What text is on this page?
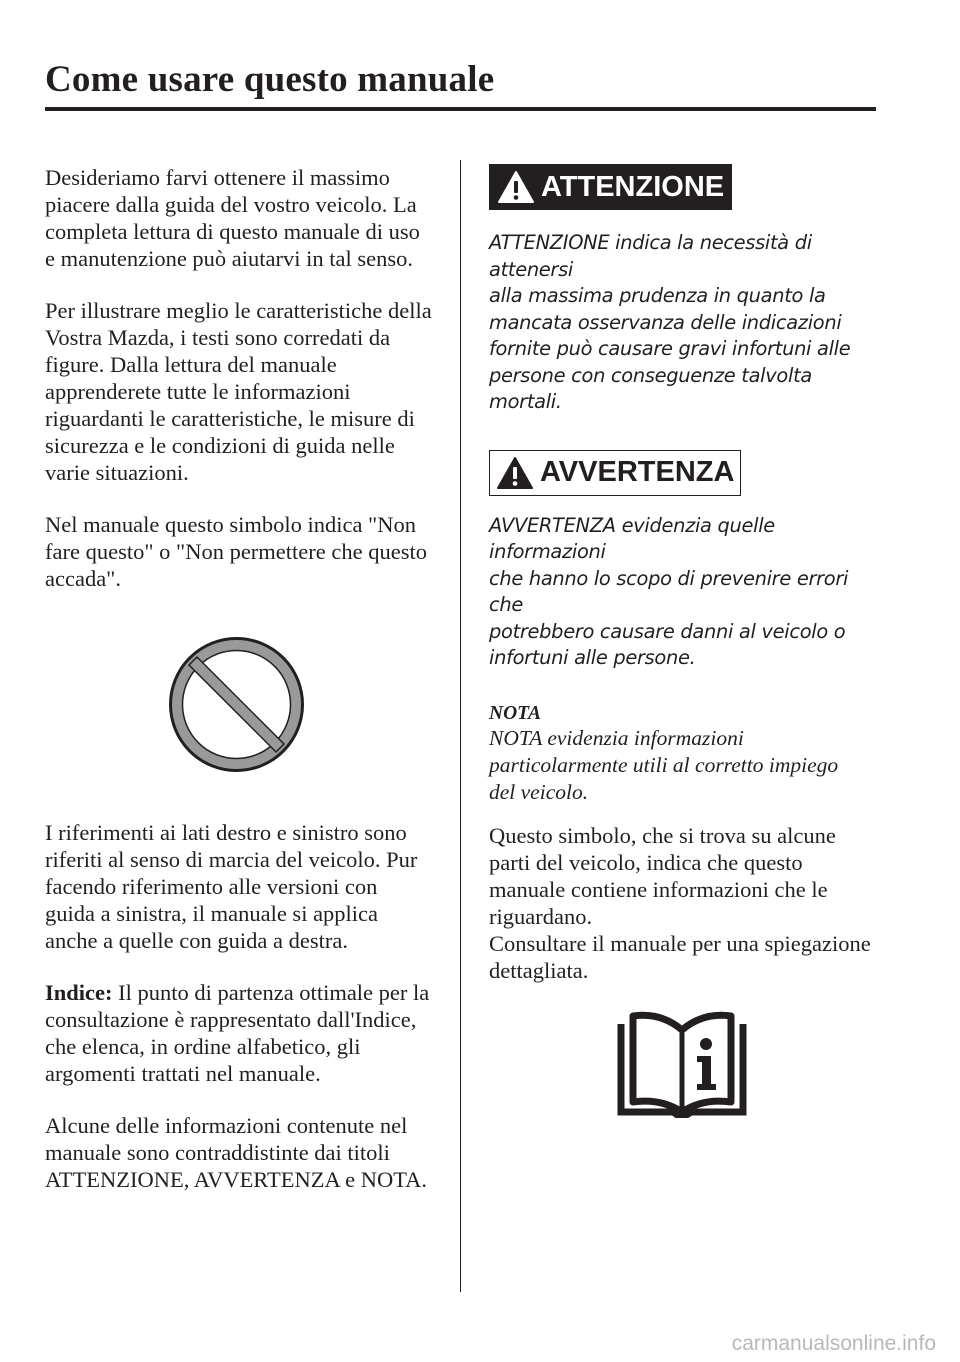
Come usare questo manuale

Desideriamo farvi ottenere il massimo
piacere dalla guida del vostro veicolo. La
completa lettura di questo manuale di uso
e manutenzione può aiutarvi in tal senso.

Per illustrare meglio le caratteristiche della
Vostra Mazda, i testi sono corredati da
figure. Dalla lettura del manuale
apprenderete tutte le informazioni
riguardanti le caratteristiche, le misure di
sicurezza e le condizioni di guida nelle
varie situazioni.

Nel manuale questo simbolo indica "Non
fare questo" o "Non permettere che questo
accada".

I riferimenti ai lati destro e sinistro sono
riferiti al senso di marcia del veicolo. Pur
facendo riferimento alle versioni con
guida a sinistra, il manuale si applica
anche a quelle con guida a destra.

Indice: Il punto di partenza ottimale per la
consultazione è rappresentato dall'Indice,
che elenca, in ordine alfabetico, gli
argomenti trattati nel manuale.

Alcune delle informazioni contenute nel
manuale sono contraddistinte dai titoli
ATTENZIONE, AVVERTENZA e NOTA.

ATTENZIONE

ATTENZIONE indica la necessità di attenersi
alla massima prudenza in quanto la
mancata osservanza delle indicazioni
fornite può causare gravi infortuni alle
persone con conseguenze talvolta mortali.

AVVERTENZA

AVVERTENZA evidenzia quelle informazioni
che hanno lo scopo di prevenire errori che
potrebbero causare danni al veicolo o
infortuni alle persone.

NOTA

NOTA evidenzia informazioni
particolarmente utili al corretto impiego
del veicolo.

Questo simbolo, che si trova su alcune
parti del veicolo, indica che questo
manuale contiene informazioni che le
riguardano.
Consultare il manuale per una spiegazione
dettagliata.

carmanualsonline.info
